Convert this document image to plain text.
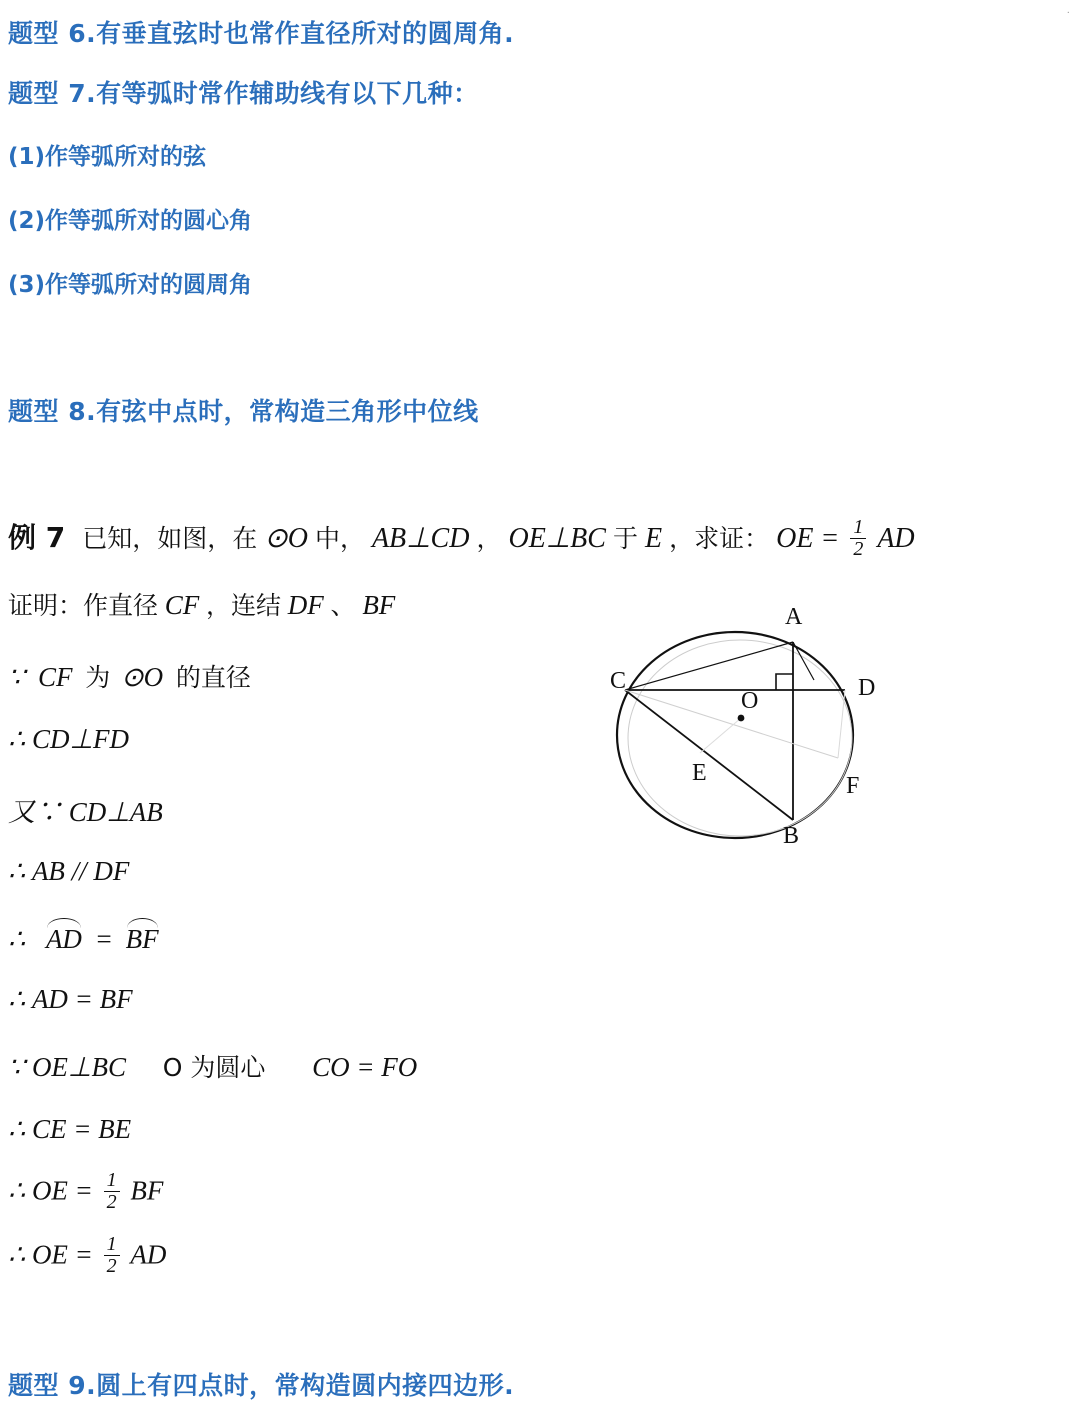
·
题型 6.有垂直弦时也常作直径所对的圆周角.
题型 7.有等弧时常作辅助线有以下几种：
(1)作等弧所对的弦
(2)作等弧所对的圆心角
(3)作等弧所对的圆周角
题型 8.有弦中点时，常构造三角形中位线
例 7 已知，如图，在 ⊙O 中， AB⊥CD ， OE⊥BC 于 E ，求证： OE = $\frac{1}{2}$ AD
证明：作直径 CF ，连结 DF 、 BF
∵ CF 为 ⊙O 的直径
∴ CD⊥FD
又∵ CD⊥AB
∴ AB // DF
∴ AD = BF
∴ AD = BF
∵ OE⊥BC O 为圆心 CO = FO
∴ CE = BE
∴ OE = $\frac{1}{2}$ BF
∴ OE = $\frac{1}{2}$ AD
A
C	D
O
E	F
B
题型 9.圆上有四点时，常构造圆内接四边形.
